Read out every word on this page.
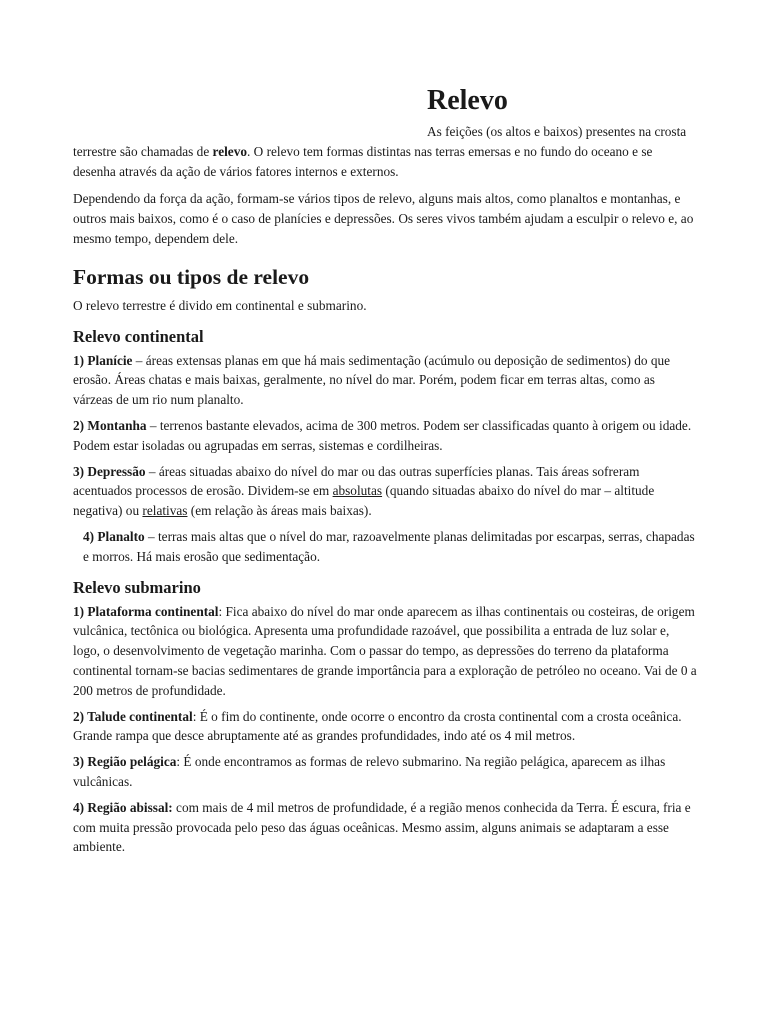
Relevo

As feições (os altos e baixos) presentes na crosta terrestre são chamadas de relevo. O relevo tem formas distintas nas terras emersas e no fundo do oceano e se desenha através da ação de vários fatores internos e externos.

Dependendo da força da ação, formam-se vários tipos de relevo, alguns mais altos, como planaltos e montanhas, e outros mais baixos, como é o caso de planícies e depressões. Os seres vivos também ajudam a esculpir o relevo e, ao mesmo tempo, dependem dele.

Formas ou tipos de relevo

O relevo terrestre é divido em continental e submarino.

Relevo continental

1) Planície – áreas extensas planas em que há mais sedimentação (acúmulo ou deposição de sedimentos) do que erosão. Áreas chatas e mais baixas, geralmente, no nível do mar. Porém, podem ficar em terras altas, como as várzeas de um rio num planalto.

2) Montanha – terrenos bastante elevados, acima de 300 metros. Podem ser classificadas quanto à origem ou idade. Podem estar isoladas ou agrupadas em serras, sistemas e cordilheiras.

3) Depressão – áreas situadas abaixo do nível do mar ou das outras superfícies planas. Tais áreas sofreram acentuados processos de erosão. Dividem-se em absolutas (quando situadas abaixo do nível do mar – altitude negativa) ou relativas (em relação às áreas mais baixas).

4) Planalto – terras mais altas que o nível do mar, razoavelmente planas delimitadas por escarpas, serras, chapadas e morros. Há mais erosão que sedimentação.

Relevo submarino

1) Plataforma continental: Fica abaixo do nível do mar onde aparecem as ilhas continentais ou costeiras, de origem vulcânica, tectônica ou biológica. Apresenta uma profundidade razoável, que possibilita a entrada de luz solar e, logo, o desenvolvimento de vegetação marinha. Com o passar do tempo, as depressões do terreno da plataforma continental tornam-se bacias sedimentares de grande importância para a exploração de petróleo no oceano. Vai de 0 a 200 metros de profundidade.

2) Talude continental: É o fim do continente, onde ocorre o encontro da crosta continental com a crosta oceânica. Grande rampa que desce abruptamente até as grandes profundidades, indo até os 4 mil metros.

3) Região pelágica: É onde encontramos as formas de relevo submarino. Na região pelágica, aparecem as ilhas vulcânicas.

4) Região abissal: com mais de 4 mil metros de profundidade, é a região menos conhecida da Terra. É escura, fria e com muita pressão provocada pelo peso das águas oceânicas. Mesmo assim, alguns animais se adaptaram a esse ambiente.
